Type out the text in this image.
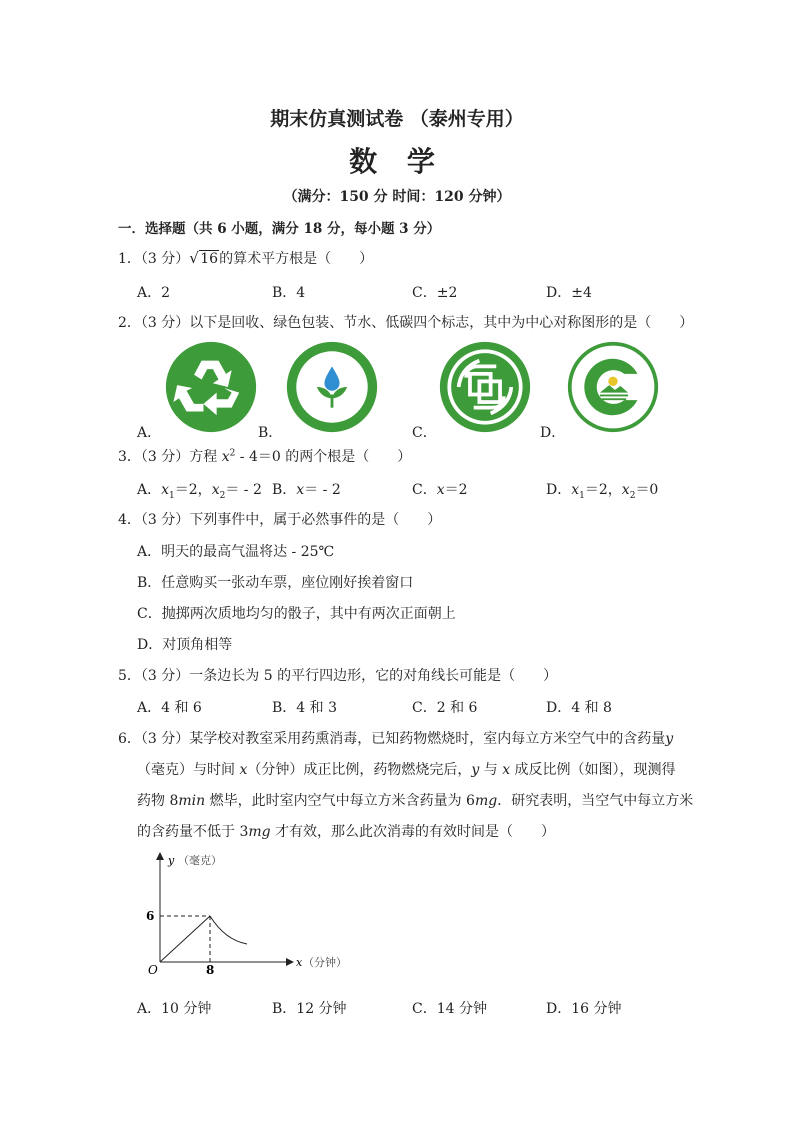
期末仿真测试卷 （泰州专用）
数 学
（满分：150 分 时间：120 分钟）
一．选择题（共 6 小题，满分 18 分，每小题 3 分）
1．（3 分） √ 16的算术平方根是（　　）
A．2	B．4	C．±2	D．±4
2．（3 分）以下是回收、绿色包装、节水、低碳四个标志，其中为中心对称图形的是（　　）
A．	B．	C．	D．
3．（3 分）方程 $x^2 - 4=0$ 的两个根是（　　）
A．$x_1=2$，$x_2= - 2$ B．x＝ - 2	C．x＝2	D．$x_1=2$，$x_2=0$
4．（3 分）下列事件中，属于必然事件的是（　　）
A．明天的最高气温将达 - 25℃
B．任意购买一张动车票，座位刚好挨着窗口
C．抛掷两次质地均匀的骰子，其中有两次正面朝上
D．对顶角相等
5．（3 分）一条边长为 5 的平行四边形，它的对角线长可能是（　　）
A．4 和 6	B．4 和 3	C．2 和 6	D．4 和 8
6．（3 分）某学校对教室采用药熏消毒，已知药物燃烧时，室内每立方米空气中的含药量y
（毫克）与时间 x（分钟）成正比例，药物燃烧完后，y 与 x 成反比例（如图），现测得
药物 8min 燃毕，此时室内空气中每立方米含药量为 6mg．研究表明，当空气中每立方米
的含药量不低于 3mg 才有效，那么此次消毒的有效时间是（　　）
y （毫克）
x （分钟）
O
6
8
A．10 分钟	B．12 分钟	C．14 分钟	D．16 分钟
